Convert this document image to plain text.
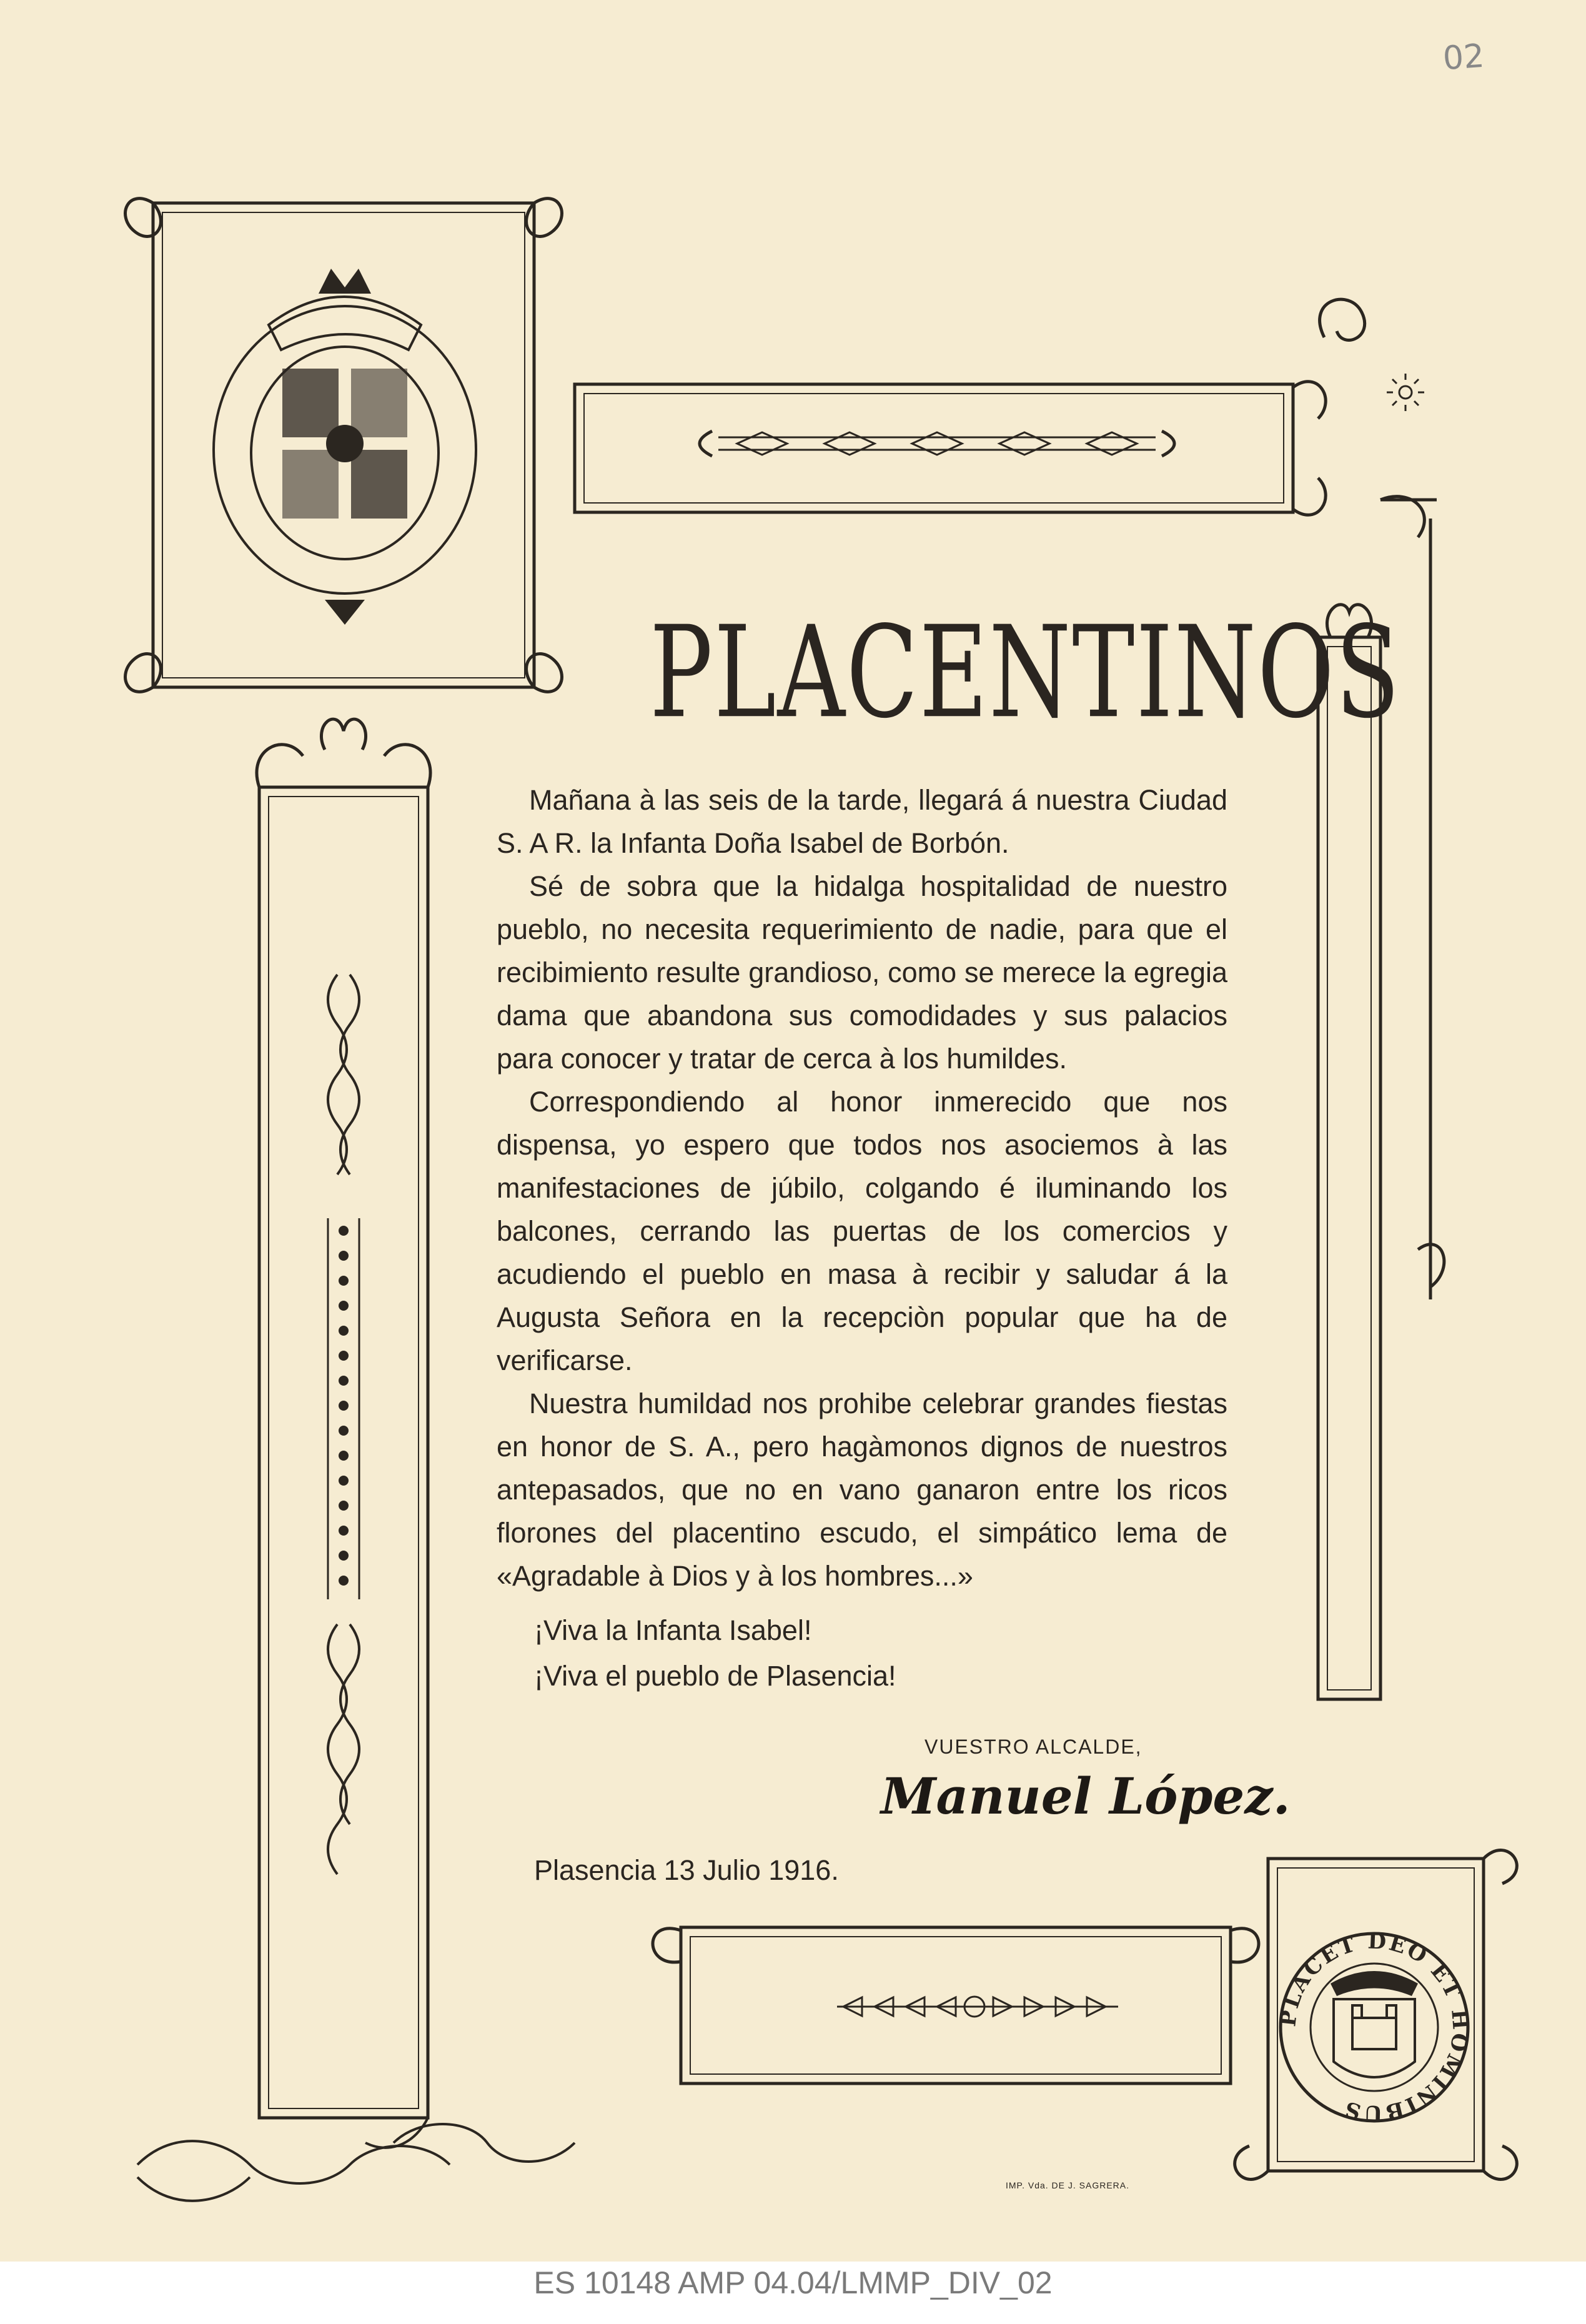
PLACET DEO ET HOMINIBUS
02
PLACENTINOS

Mañana à las seis de la tarde, llegará á nuestra Ciudad S. A R. la Infanta Doña Isabel de Borbón.

Sé de sobra que la hidalga hospitalidad de nuestro pueblo, no necesita requerimiento de nadie, para que el recibimiento resulte grandioso, como se merece la egregia dama que abandona sus comodidades y sus palacios para conocer y tratar de cerca à los humildes.

Correspondiendo al honor inmerecido que nos dispensa, yo espero que todos nos asociemos à las manifestaciones de júbilo, colgando é iluminando los balcones, cerrando las puertas de los comercios y acudiendo el pueblo en masa à recibir y saludar á la Augusta Señora en la recepciòn popular que ha de verificarse.

Nuestra humildad nos prohibe celebrar grandes fiestas en honor de S. A., pero hagàmonos dignos de nuestros antepasados, que no en vano ganaron entre los ricos florones del placentino escudo, el simpático lema de «Agradable à Dios y à los hombres...»

¡Viva la Infanta Isabel!

¡Viva el pueblo de Plasencia!

VUESTRO ALCALDE,
Manuel López.
Plasencia 13 Julio 1916.
IMP. Vda. DE J. SAGRERA.
ES 10148 AMP 04.04/LMMP_DIV_02
